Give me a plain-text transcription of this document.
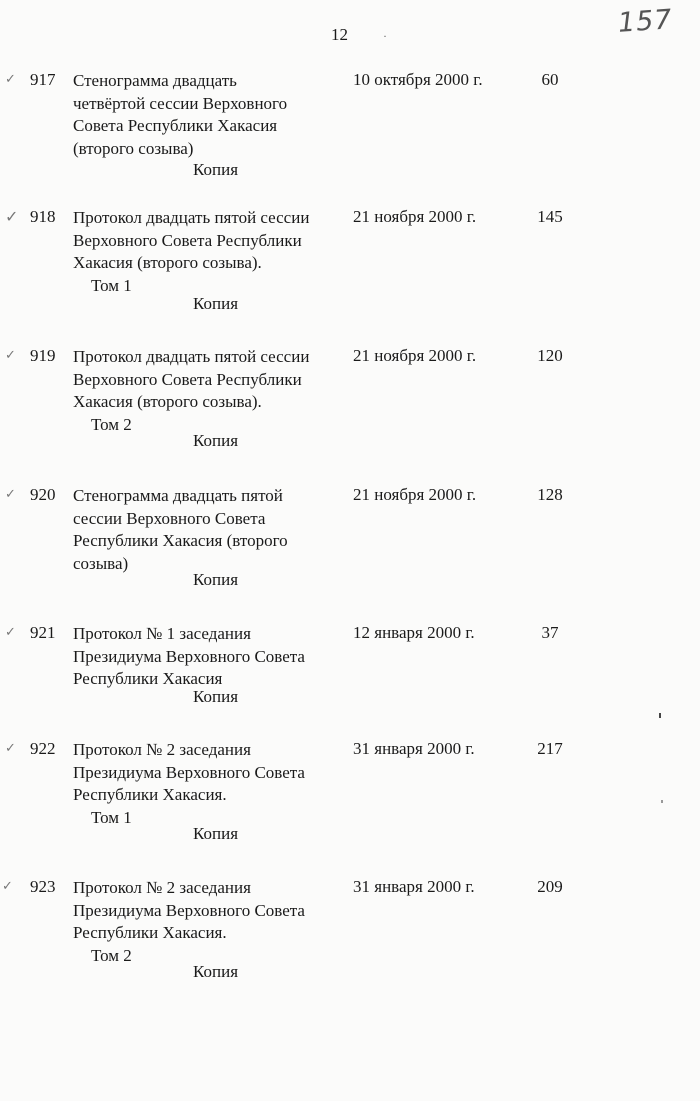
12	·	157
✓ 917 Стенограмма двадцать
четвёртой сессии Верховного
Совета Республики Хакасия
(второго созыва)
Копия
10 октября 2000 г.	60
✓ 918 Протокол двадцать пятой сессии
Верховного Совета Республики
Хакасия (второго созыва).
Том 1
Копия
21 ноября 2000 г.	145
✓ 919 Протокол двадцать пятой сессии
Верховного Совета Республики
Хакасия (второго созыва).
Том 2
Копия
21 ноября 2000 г.	120
✓ 920 Стенограмма двадцать пятой
сессии Верховного Совета
Республики Хакасия (второго
созыва)
Копия
21 ноября 2000 г.	128
✓ 921 Протокол № 1 заседания
Президиума Верховного Совета
Республики Хакасия
Копия
12 января 2000 г.	37
✓ 922 Протокол № 2 заседания
Президиума Верховного Совета
Республики Хакасия.
Том 1
Копия
31 января 2000 г.	217
✓ 923 Протокол № 2 заседания
Президиума Верховного Совета
Республики Хакасия.
Том 2
Копия
31 января 2000 г.	209
